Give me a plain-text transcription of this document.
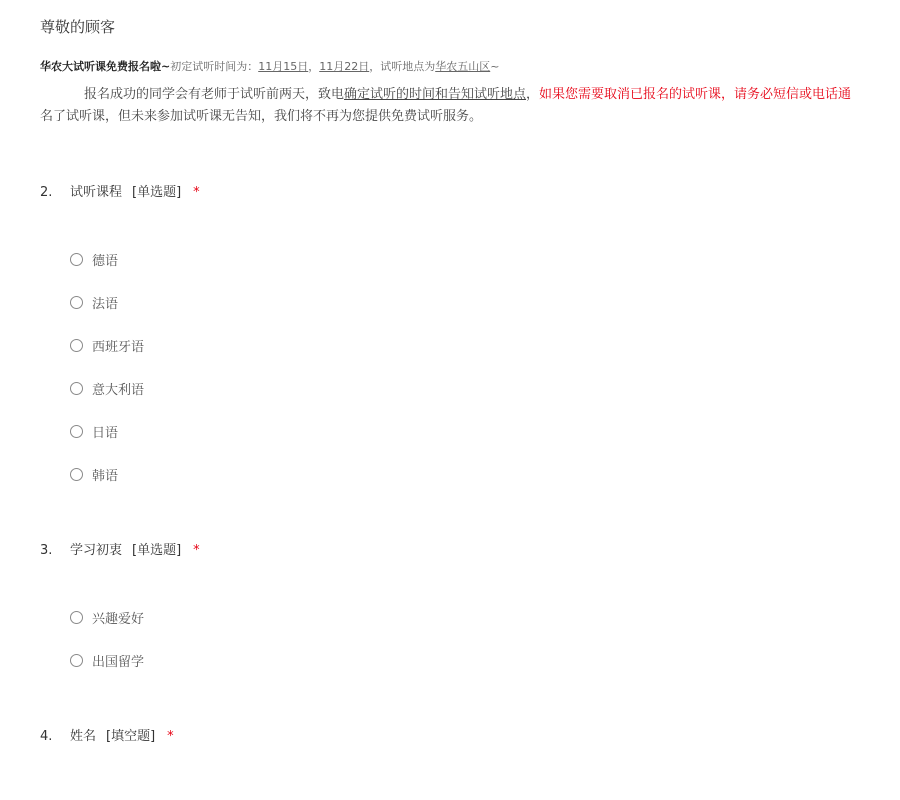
尊敬的顾客
华农大试听课免费报名啦~初定试听时间为：11月15日，11月22日，试听地点为华农五山区~
报名成功的同学会有老师于试听前两天，致电确定试听的时间和告知试听地点，如果您需要取消已报名的试听课，请务必短信或电话通
名了试听课，但未来参加试听课无告知，我们将不再为您提供免费试听服务。
2. 试听课程 [单选题] *
德语
法语
西班牙语
意大利语
日语
韩语
3. 学习初衷 [单选题] *
兴趣爱好
出国留学
4. 姓名 [填空题] *
